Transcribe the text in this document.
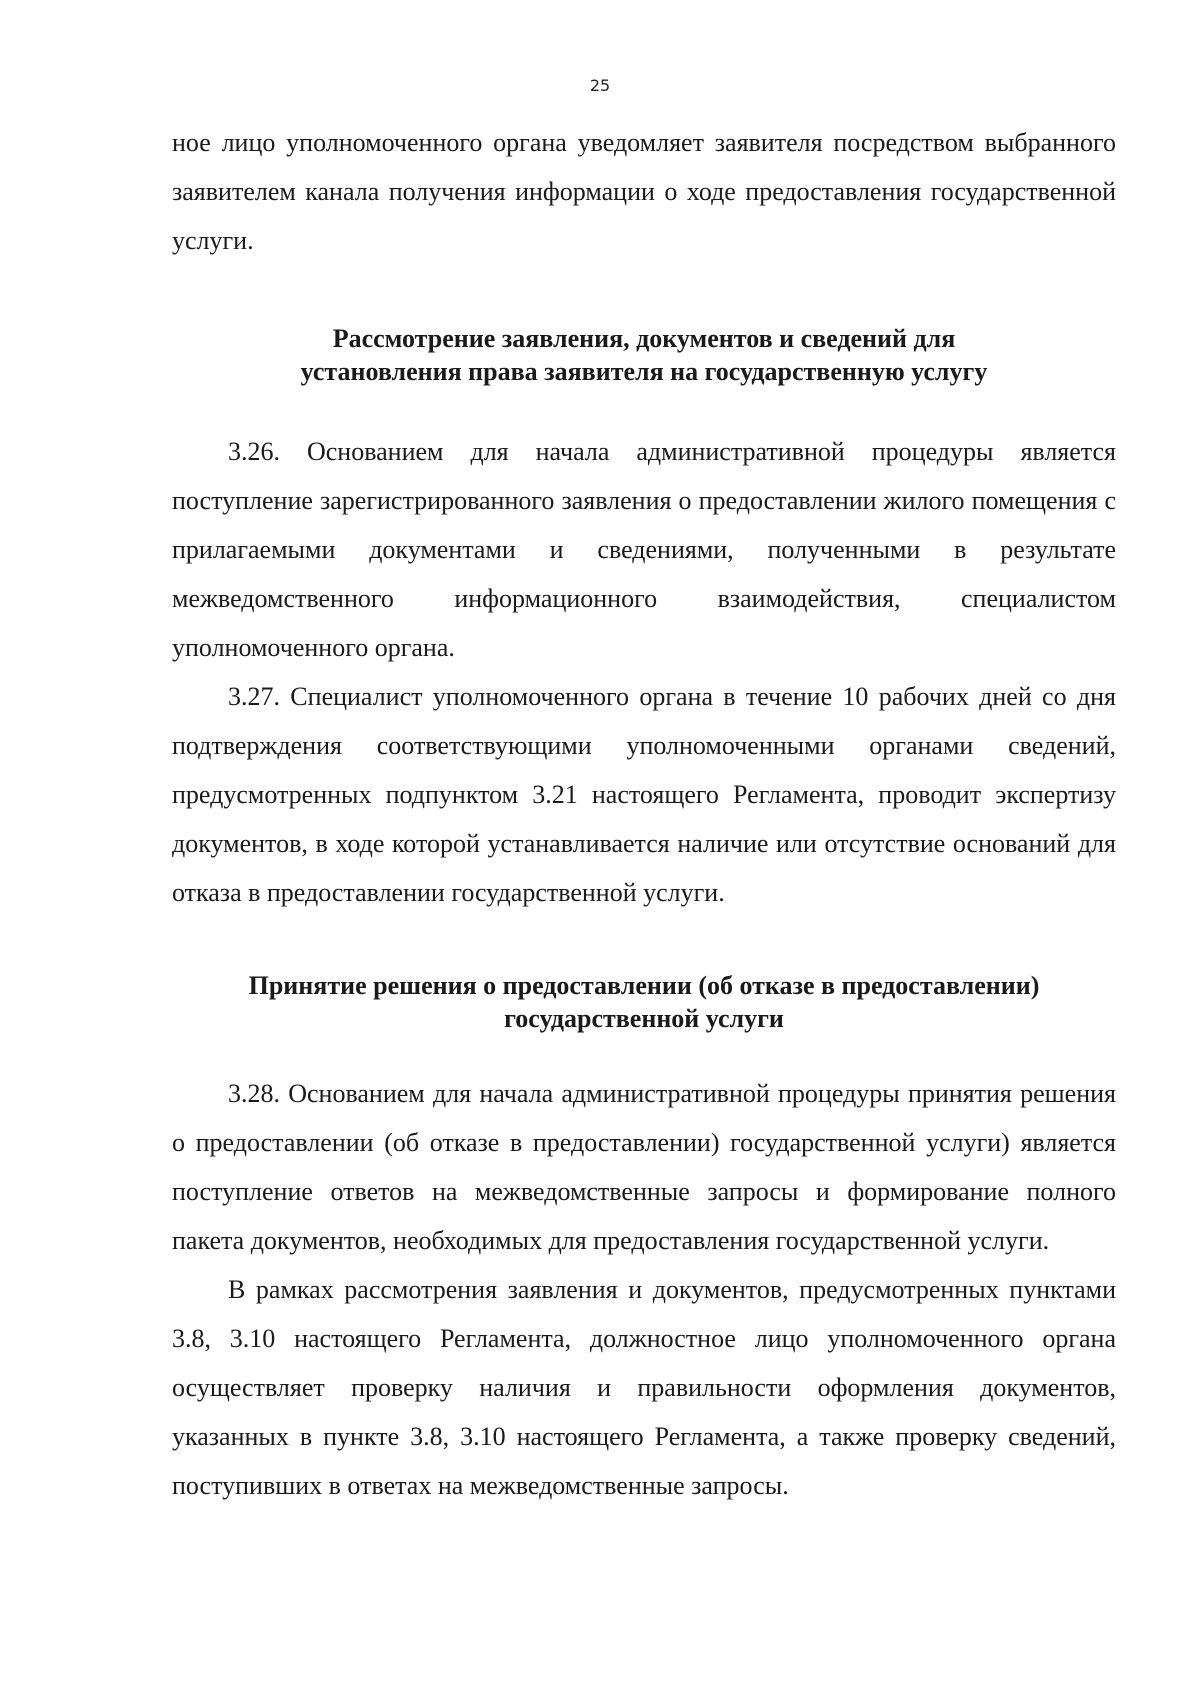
25

ное лицо уполномоченного органа уведомляет заявителя посредством выбранного заявителем канала получения информации о ходе предоставления государственной услуги.

Рассмотрение заявления, документов и сведений для
установления права заявителя на государственную услугу

3.26. Основанием для начала административной процедуры является поступление зарегистрированного заявления о предоставлении жилого помещения с прилагаемыми документами и сведениями, полученными в результате межведомственного информационного взаимодействия, специалистом уполномоченного органа.

3.27. Специалист уполномоченного органа в течение 10 рабочих дней со дня подтверждения соответствующими уполномоченными органами сведений, предусмотренных подпунктом 3.21 настоящего Регламента, проводит экспертизу документов, в ходе которой устанавливается наличие или отсутствие оснований для отказа в предоставлении государственной услуги.

Принятие решения о предоставлении (об отказе в предоставлении)
государственной услуги

3.28. Основанием для начала административной процедуры принятия решения о предоставлении (об отказе в предоставлении) государственной услуги) является поступление ответов на межведомственные запросы и формирование полного пакета документов, необходимых для предоставления государственной услуги.

В рамках рассмотрения заявления и документов, предусмотренных пунктами 3.8, 3.10 настоящего Регламента, должностное лицо уполномоченного органа осуществляет проверку наличия и правильности оформления документов, указанных в пункте 3.8, 3.10 настоящего Регламента, а также проверку сведений, поступивших в ответах на межведомственные запросы.
